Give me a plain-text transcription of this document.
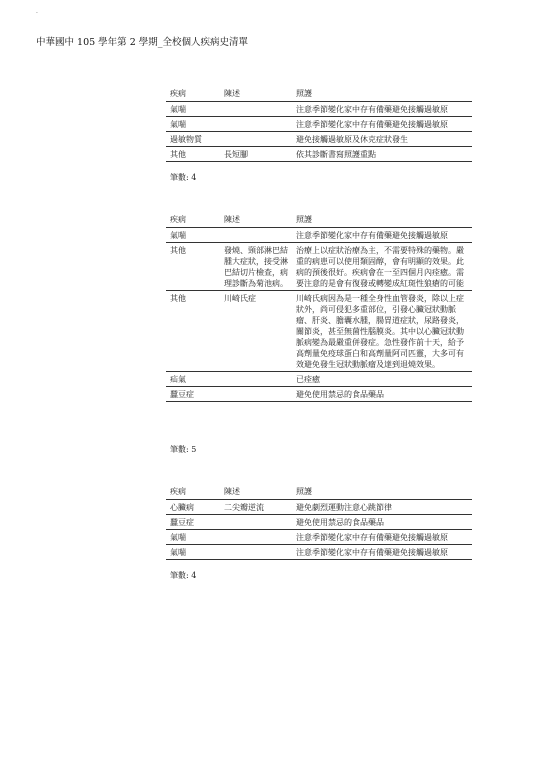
.
中華國中 105 學年第 2 學期_全校個人疾病史清單
疾病	陳述	照護
氣喘		注意季節變化家中存有備藥避免接觸過敏原
氣喘		注意季節變化家中存有備藥避免接觸過敏原
過敏物質		避免接觸過敏原及休克症狀發生
其他	長短腳	依其診斷書寫照護重點
筆數: 4
疾病	陳述	照護
氣喘		注意季節變化家中存有備藥避免接觸過敏原
其他	發燒、頸部淋巴結腫大症狀，接受淋巴結切片檢查，病理診斷為菊池病。	治療上以症狀治療為主，不需要特殊的藥物。嚴重的病患可以使用類固醇，會有明顯的效果。此病的預後很好。疾病會在一至四個月內痊癒。需要注意的是會有復發或轉變成紅斑性狼瘡的可能
其他	川崎氏症	川崎氏病因為是一種全身性血管發炎，除以上症狀外，尚可侵犯多重部位，引發心臟冠狀動脈瘤、肝炎、膽囊水腫，腸胃道症狀，尿路發炎，關節炎，甚至無菌性腦膜炎。其中以心臟冠狀動脈病變為最嚴重併發症。急性發作前十天，給予高劑量免疫球蛋白和高劑量阿司匹靈，大多可有效避免發生冠狀動脈瘤及達到退燒效果。
疝氣		已痊癒
蠶豆症		避免使用禁忌的食品藥品
筆數: 5
疾病	陳述	照護
心臟病	二尖瓣逆流	避免劇烈運動注意心跳節律
蠶豆症		避免使用禁忌的食品藥品
氣喘		注意季節變化家中存有備藥避免接觸過敏原
氣喘		注意季節變化家中存有備藥避免接觸過敏原
筆數: 4
